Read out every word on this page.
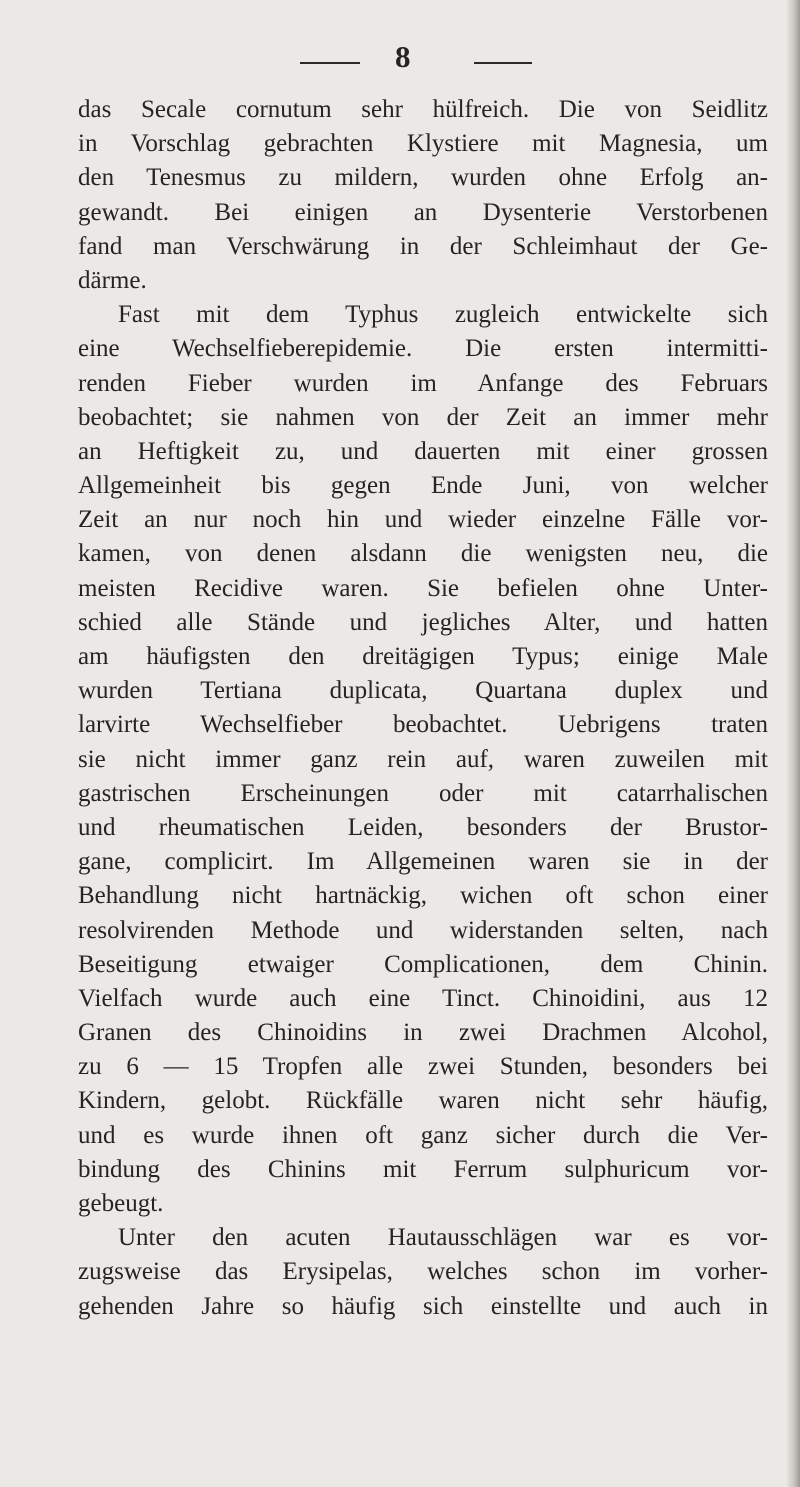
8
das Secale cornutum sehr hülfreich. Die von Seidlitz
in Vorschlag gebrachten Klystiere mit Magnesia, um
den Tenesmus zu mildern, wurden ohne Erfolg an-
gewandt. Bei einigen an Dysenterie Verstorbenen
fand man Verschwärung in der Schleimhaut der Ge-
därme.
Fast mit dem Typhus zugleich entwickelte sich
eine Wechselfieberepidemie. Die ersten intermitti-
renden Fieber wurden im Anfange des Februars
beobachtet; sie nahmen von der Zeit an immer mehr
an Heftigkeit zu, und dauerten mit einer grossen
Allgemeinheit bis gegen Ende Juni, von welcher
Zeit an nur noch hin und wieder einzelne Fälle vor-
kamen, von denen alsdann die wenigsten neu, die
meisten Recidive waren. Sie befielen ohne Unter-
schied alle Stände und jegliches Alter, und hatten
am häufigsten den dreitägigen Typus; einige Male
wurden Tertiana duplicata, Quartana duplex und
larvirte Wechselfieber beobachtet. Uebrigens traten
sie nicht immer ganz rein auf, waren zuweilen mit
gastrischen Erscheinungen oder mit catarrhalischen
und rheumatischen Leiden, besonders der Brustor-
gane, complicirt. Im Allgemeinen waren sie in der
Behandlung nicht hartnäckig, wichen oft schon einer
resolvirenden Methode und widerstanden selten, nach
Beseitigung etwaiger Complicationen, dem Chinin.
Vielfach wurde auch eine Tinct. Chinoidini, aus 12
Granen des Chinoidins in zwei Drachmen Alcohol,
zu 6 — 15 Tropfen alle zwei Stunden, besonders bei
Kindern, gelobt. Rückfälle waren nicht sehr häufig,
und es wurde ihnen oft ganz sicher durch die Ver-
bindung des Chinins mit Ferrum sulphuricum vor-
gebeugt.
Unter den acuten Hautausschlägen war es vor-
zugsweise das Erysipelas, welches schon im vorher-
gehenden Jahre so häufig sich einstellte und auch in
